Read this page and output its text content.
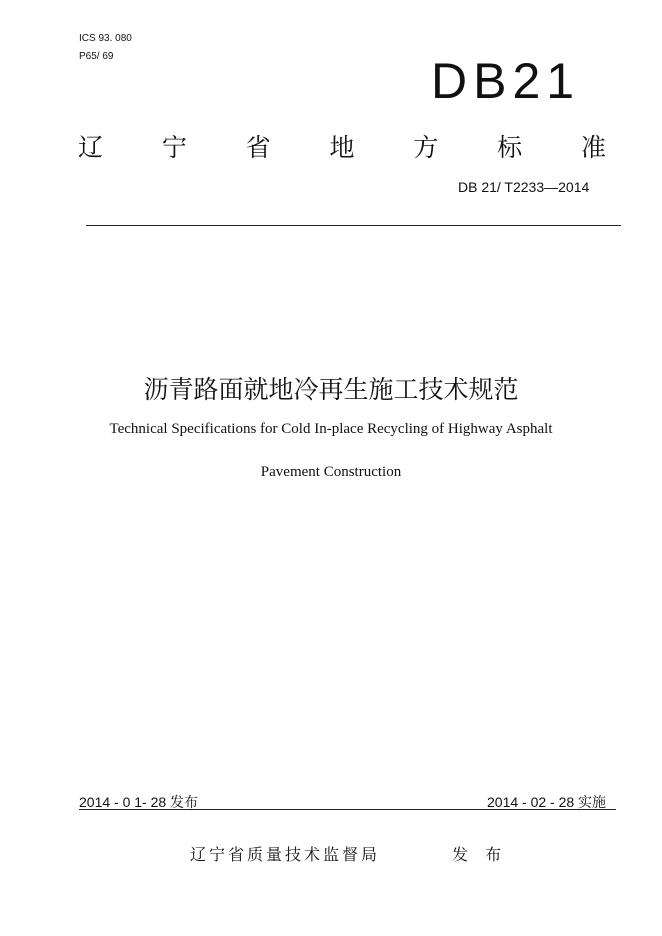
ICS 93. 080
P65/ 69	DB21
辽 宁 省 地 方 标 准
DB 21/ T2233—2014
沥青路面就地冷再生施工技术规范
Technical Specifications for Cold In-place Recycling of Highway Asphalt
Pavement Construction
2014 - 0 1- 28 发布	2014 - 02 - 28 实施
辽宁省质量技术监督局	发 布
